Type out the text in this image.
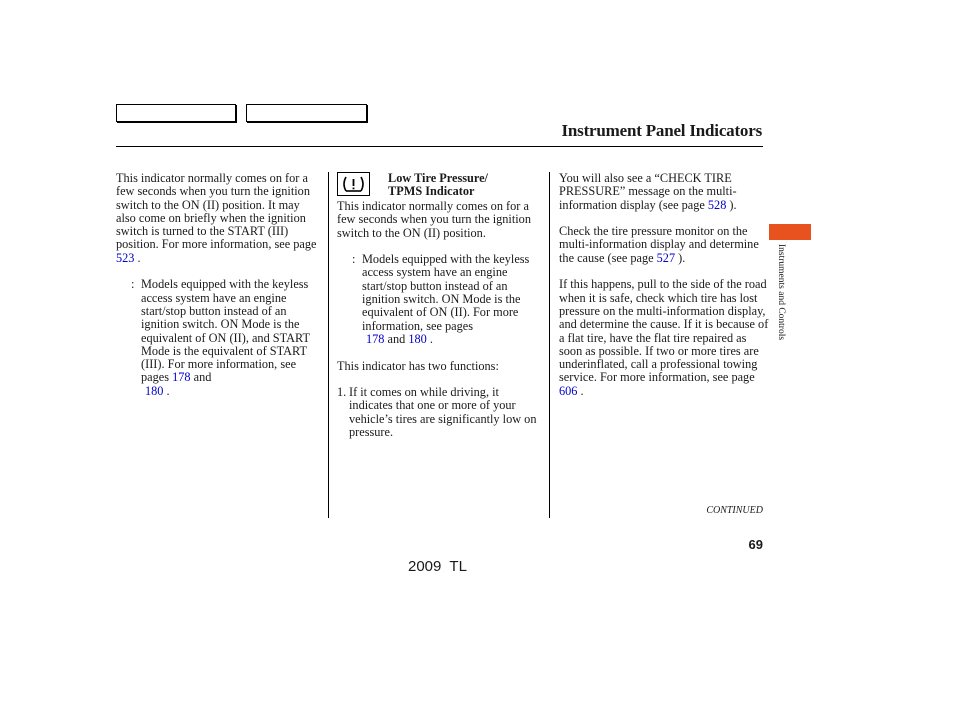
Instrument Panel Indicators

This indicator normally comes on for a few seconds when you turn the ignition switch to the ON (II) position. It may also come on briefly when the ignition switch is turned to the START (III) position. For more information, see page 523 .

: Models equipped with the keyless access system have an engine start/stop button instead of an ignition switch. ON Mode is the equivalent of ON (II), and START Mode is the equivalent of START (III). For more information, see pages 178 and
180 .

Low Tire Pressure/
TPMS Indicator

This indicator normally comes on for a few seconds when you turn the ignition switch to the ON (II) position.

: Models equipped with the keyless access system have an engine start/stop button instead of an ignition switch. ON Mode is the equivalent of ON (II). For more information, see pages
178 and 180 .

This indicator has two functions:

1. If it comes on while driving, it indicates that one or more of your vehicle’s tires are significantly low on pressure.

You will also see a “CHECK TIRE PRESSURE” message on the multi-information display (see page 528 ).

Check the tire pressure monitor on the multi-information display and determine the cause (see page 527 ).

If this happens, pull to the side of the road when it is safe, check which tire has lost pressure on the multi-information display, and determine the cause. If it is because of a flat tire, have the flat tire repaired as soon as possible. If two or more tires are underinflated, call a professional towing service. For more information, see page 606 .

Instruments and Controls
CONTINUED
69
2009  TL
